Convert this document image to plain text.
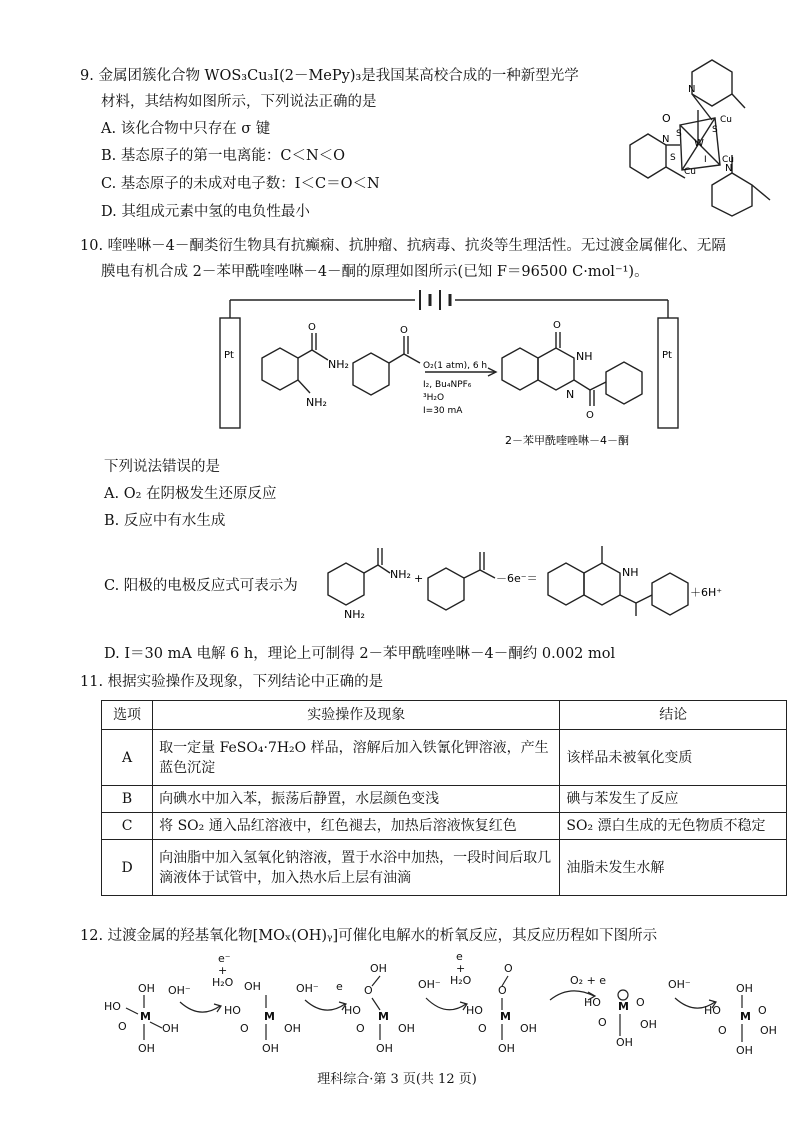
9. 金属团簇化合物 WOS₃Cu₃I(2－MePy)₃是我国某高校合成的一种新型光学
材料，其结构如图所示，下列说法正确的是
A. 该化合物中只存在 σ 键
B. 基态原子的第一电离能：C＜N＜O
C. 基态原子的未成对电子数：I＜C＝O＜N
D. 其组成元素中氢的电负性最小
O
W
S	S
S
Cu
Cu
Cu
I
N
N
N
10. 喹唑啉－4－酮类衍生物具有抗癫痫、抗肿瘤、抗病毒、抗炎等生理活性。无过渡金属催化、无隔
膜电有机合成 2－苯甲酰喹唑啉－4－酮的原理如图所示(已知 F＝96500 C·mol⁻¹)。
Pt	Pt
O
NH₂
NH₂
O
O₂(1 atm), 6 h
I₂, Bu₄NPF₆
³H₂O
I=30 mA
O
NH
N
O
2－苯甲酰喹唑啉－4－酮
下列说法错误的是
A. O₂ 在阴极发生还原反应
B. 反应中有水生成
C. 阳极的电极反应式可表示为
NH₂
NH₂
+	－6e⁻＝	NH
＋6H⁺
D. I＝30 mA 电解 6 h，理论上可制得 2－苯甲酰喹唑啉－4－酮约 0.002 mol
11. 根据实验操作及现象，下列结论中正确的是
选项	实验操作及现象	结论
A	取一定量 FeSO₄·7H₂O 样品，溶解后加入铁氰化钾溶液，产生蓝色沉淀	该样品未被氧化变质
B	向碘水中加入苯，振荡后静置，水层颜色变浅	碘与苯发生了反应
C	将 SO₂ 通入品红溶液中，红色褪去，加热后溶液恢复红色	SO₂ 漂白生成的无色物质不稳定
D	向油脂中加入氢氧化钠溶液，置于水浴中加热，一段时间后取几滴液体于试管中，加入热水后上层有油滴	油脂未发生水解
12. 过渡金属的羟基氧化物[MOₓ(OH)ᵧ]可催化电解水的析氧反应，其反应历程如下图所示
OH
HO
M
O	OH
OH
OH⁻
e⁻
+
H₂O OH
HO M
O	OH
OH
OH⁻ e
OH
O
HO M
O	OH
OH
OH⁻
e
+
H₂O
O
O
HO M
O	OH
OH
O₂ + e
HO M O
O	OH
OH
OH⁻	OH
HO M O
O	OH
OH
理科综合·第 3 页(共 12 页)
